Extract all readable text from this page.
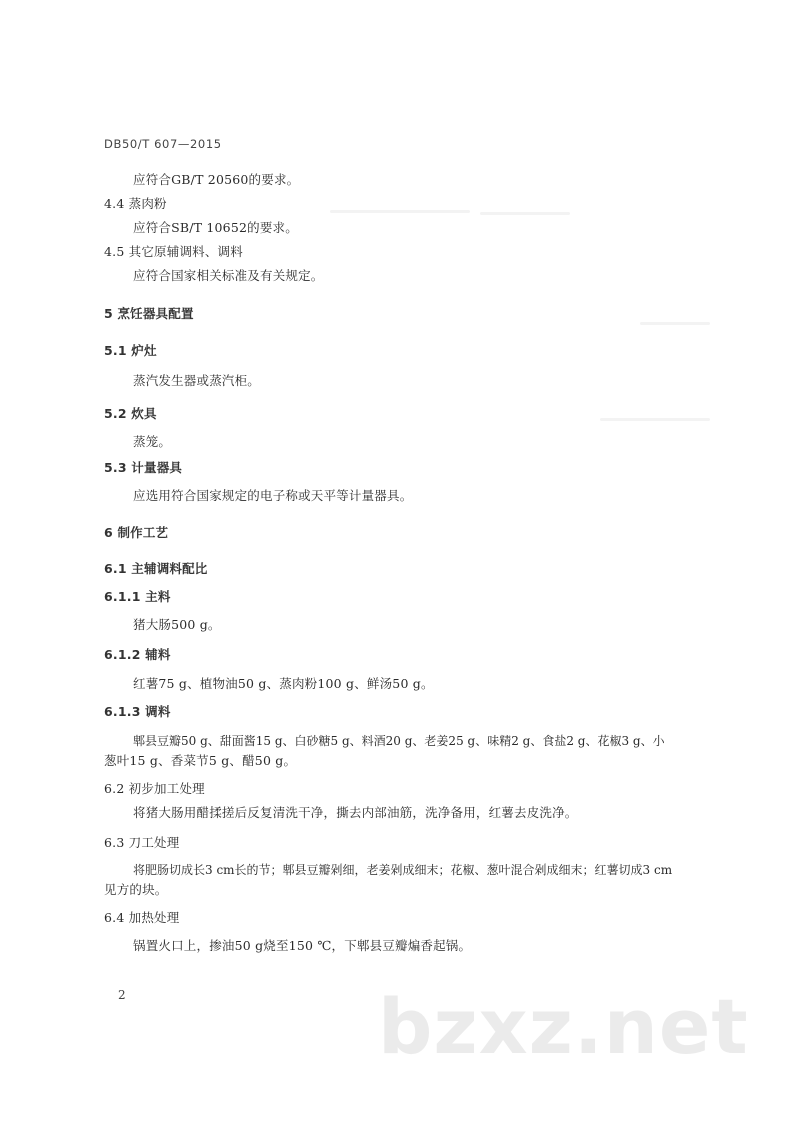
DB50/T 607—2015
应符合GB/T 20560的要求。
4.4 蒸肉粉
应符合SB/T 10652的要求。
4.5 其它原辅调料、调料
应符合国家相关标准及有关规定。
5 烹饪器具配置
5.1 炉灶
蒸汽发生器或蒸汽柜。
5.2 炊具
蒸笼。
5.3 计量器具
应选用符合国家规定的电子称或天平等计量器具。
6 制作工艺
6.1 主辅调料配比
6.1.1 主料
猪大肠500 g。
6.1.2 辅料
红薯75 g、植物油50 g、蒸肉粉100 g、鲜汤50 g。
6.1.3 调料
郫县豆瓣50 g、甜面酱15 g、白砂糖5 g、料酒20 g、老姜25 g、味精2 g、食盐2 g、花椒3 g、小
葱叶15 g、香菜节5 g、醋50 g。
6.2 初步加工处理
将猪大肠用醋揉搓后反复清洗干净，撕去内部油筋，洗净备用，红薯去皮洗净。
6.3 刀工处理
将肥肠切成长3 cm长的节；郫县豆瓣剁细，老姜剁成细末；花椒、葱叶混合剁成细末；红薯切成3 cm
见方的块。
6.4 加热处理
锅置火口上，掺油50 g烧至150 ℃，下郫县豆瓣煸香起锅。
2	bzxz.net
